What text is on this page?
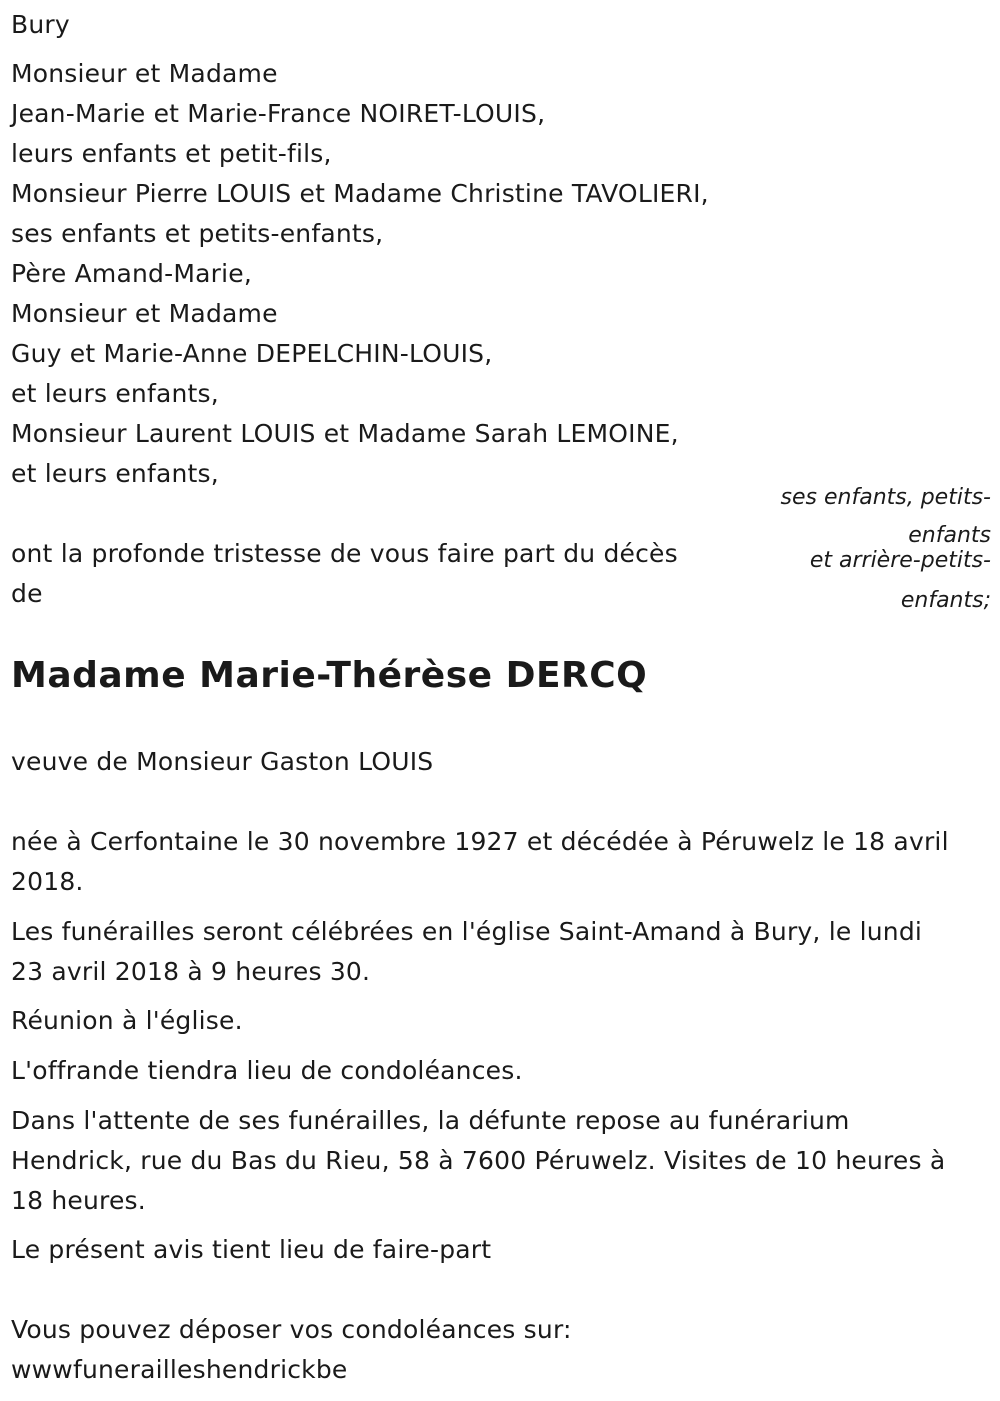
Bury
Monsieur et Madame
Jean-Marie et Marie-France NOIRET-LOUIS,
leurs enfants et petit-fils,
Monsieur Pierre LOUIS et Madame Christine TAVOLIERI,
ses enfants et petits-enfants,
Père Amand-Marie,
Monsieur et Madame
Guy et Marie-Anne DEPELCHIN-LOUIS,
et leurs enfants,
Monsieur Laurent LOUIS et Madame Sarah LEMOINE,
et leurs enfants,
ses enfants, petits-
enfants
et arrière-petits-
enfants;
ont la profonde tristesse de vous faire part du décès
de
Madame Marie-Thérèse DERCQ
veuve de Monsieur Gaston LOUIS
née à Cerfontaine le 30 novembre 1927 et décédée à Péruwelz le 18 avril
2018.
Les funérailles seront célébrées en l'église Saint-Amand à Bury, le lundi
23 avril 2018 à 9 heures 30.
Réunion à l'église.
L'offrande tiendra lieu de condoléances.
Dans l'attente de ses funérailles, la défunte repose au funérarium
Hendrick, rue du Bas du Rieu, 58 à 7600 Péruwelz. Visites de 10 heures à
18 heures.
Le présent avis tient lieu de faire-part
Vous pouvez déposer vos condoléances sur:
wwwfunerailleshendrickbe
